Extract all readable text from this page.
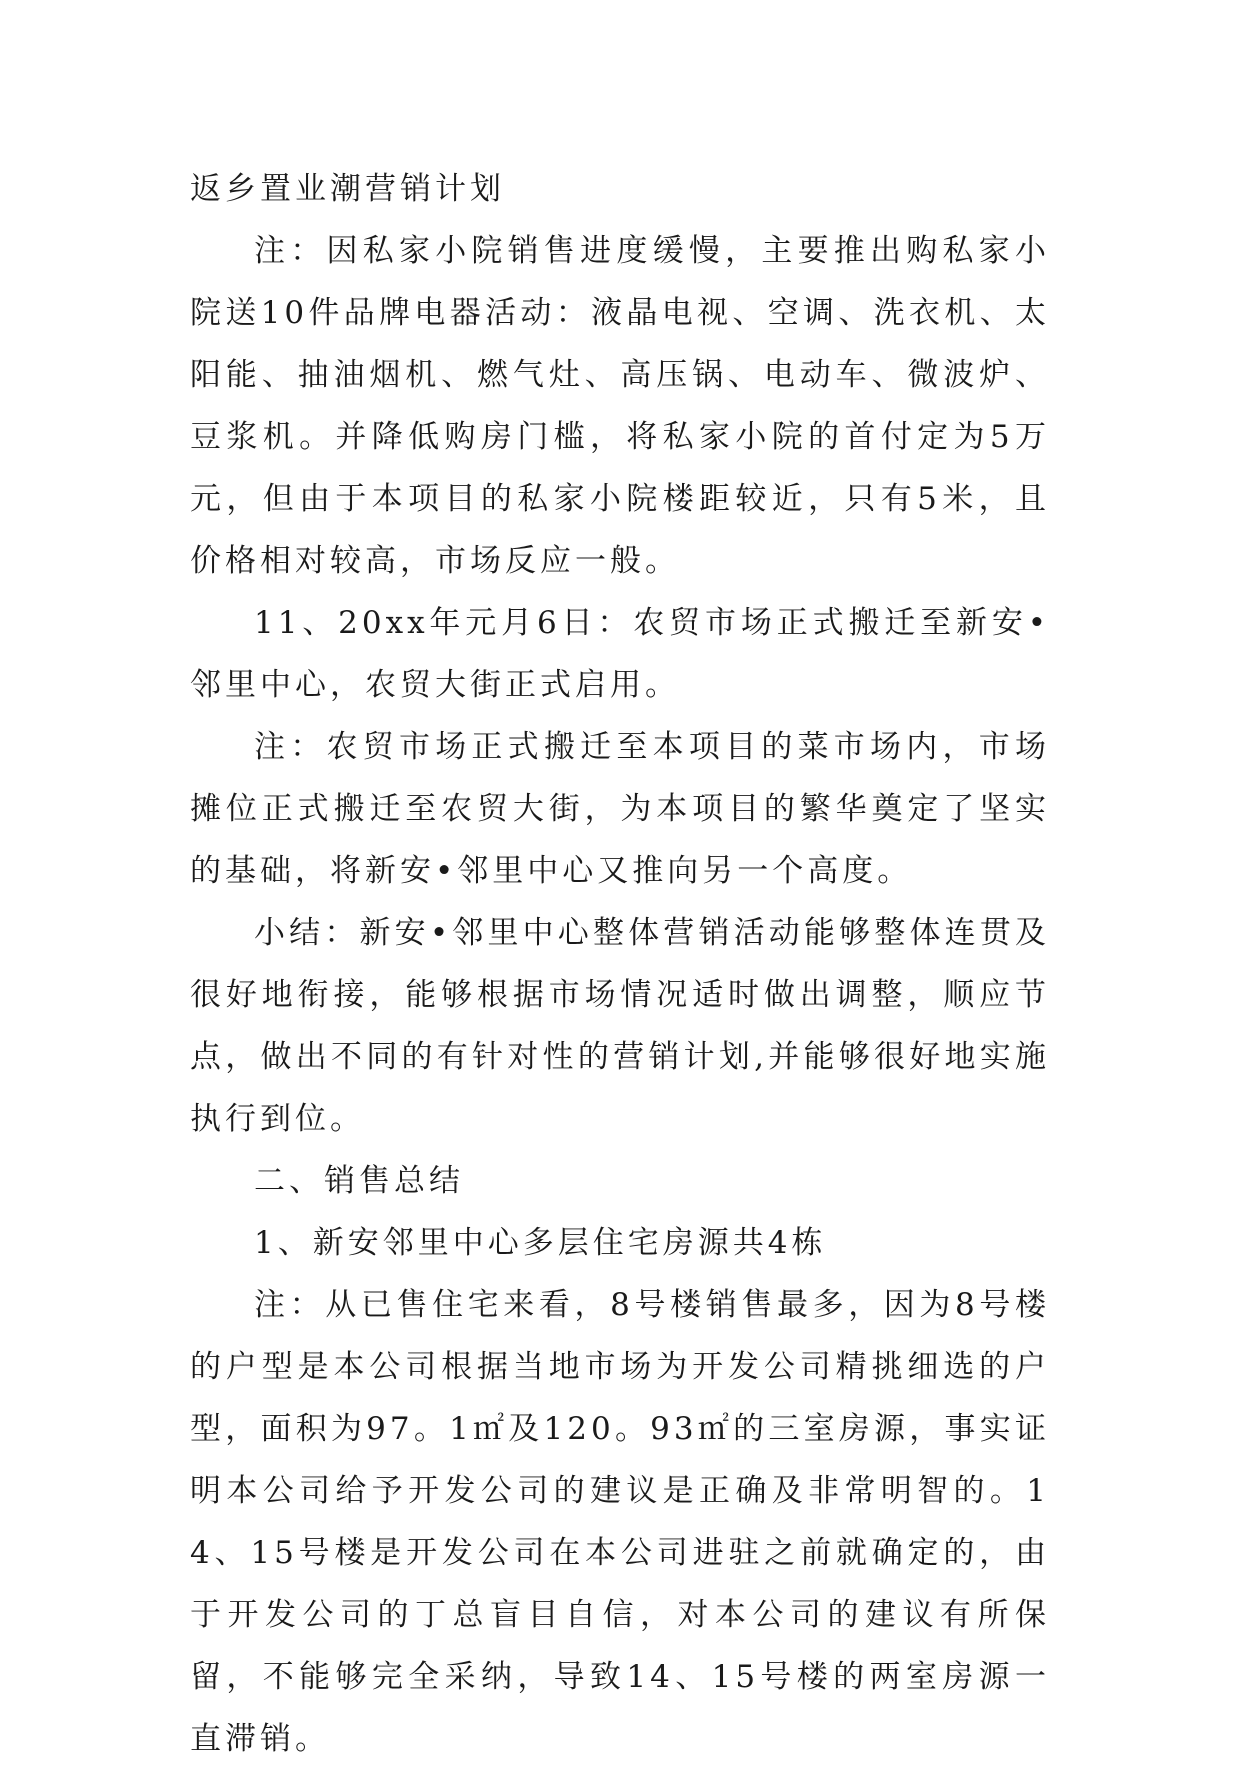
返乡置业潮营销计划

注：因私家小院销售进度缓慢，主要推出购私家小院送10件品牌电器活动：液晶电视、空调、洗衣机、太阳能、抽油烟机、燃气灶、高压锅、电动车、微波炉、豆浆机。并降低购房门槛，将私家小院的首付定为5万元，但由于本项目的私家小院楼距较近，只有5米，且价格相对较高，市场反应一般。

11、20xx年元月6日：农贸市场正式搬迁至新安•邻里中心，农贸大街正式启用。

注：农贸市场正式搬迁至本项目的菜市场内，市场摊位正式搬迁至农贸大街，为本项目的繁华奠定了坚实的基础，将新安•邻里中心又推向另一个高度。

小结：新安•邻里中心整体营销活动能够整体连贯及很好地衔接，能够根据市场情况适时做出调整，顺应节点，做出不同的有针对性的营销计划,并能够很好地实施执行到位。

二、销售总结

1、新安邻里中心多层住宅房源共4栋

注：从已售住宅来看，8号楼销售最多，因为8号楼的户型是本公司根据当地市场为开发公司精挑细选的户型，面积为97。1㎡及120。93㎡的三室房源，事实证明本公司给予开发公司的建议是正确及非常明智的。14、15号楼是开发公司在本公司进驻之前就确定的，由于开发公司的丁总盲目自信，对本公司的建议有所保留，不能够完全采纳，导致14、15号楼的两室房源一直滞销。
